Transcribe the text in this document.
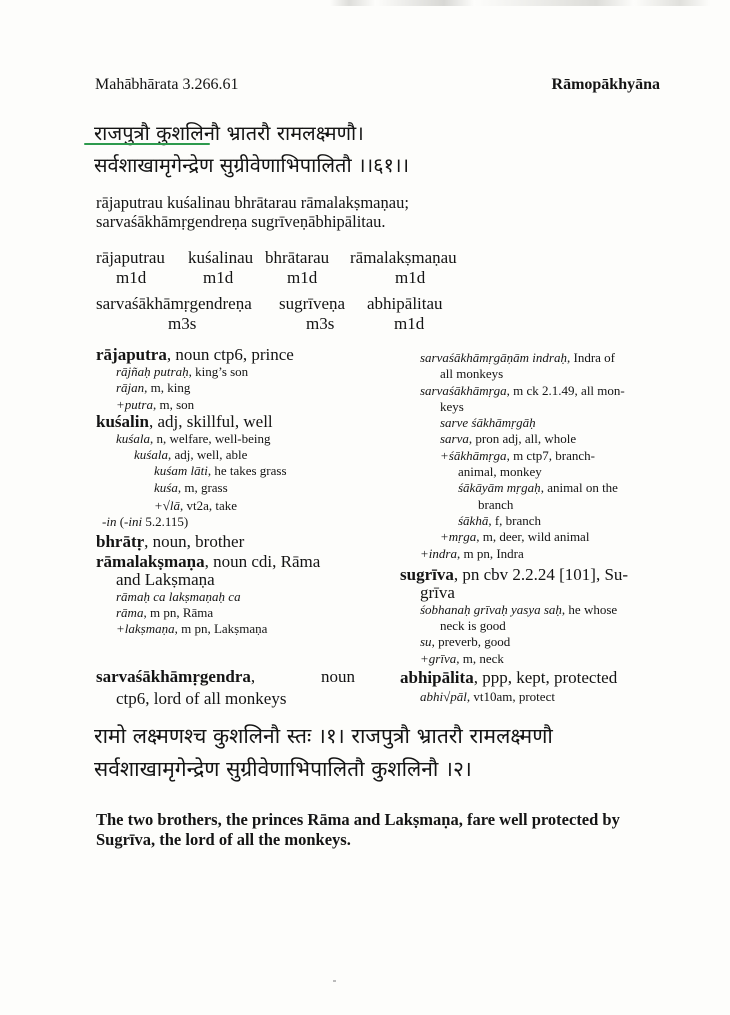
Mahābhārata 3.266.61	Rāmopākhyāna
राजपुत्रौ कुशलिनौ भ्रातरौ रामलक्ष्मणौ।
सर्वशाखामृगेन्द्रेण सुग्रीवेणाभिपालितौ ।।६१।।
rājaputrau kuśalinau bhrātarau rāmalakṣmaṇau;
sarvaśākhāmṛgendreṇa sugrīveṇābhipālitau.
rājaputrau kuśalinau bhrātarau rāmalakṣmaṇau
m1d	m1d	m1d	m1d
sarvaśākhāmṛgendreṇa sugrīveṇa abhipālitau
m3s	m3s	m1d
rājaputra, noun ctp6, prince
rājñaḥ putraḥ, king’s son
rājan, m, king
+putra, m, son
kuśalin, adj, skillful, well
kuśala, n, welfare, well-being
kuśala, adj, well, able
kuśam lāti, he takes grass
kuśa, m, grass
+√lā, vt2a, take
-in (-ini 5.2.115)
bhrātṛ, noun, brother
rāmalakṣmaṇa, noun cdi, Rāma
and Lakṣmaṇa
rāmaḥ ca lakṣmaṇaḥ ca
rāma, m pn, Rāma
+lakṣmaṇa, m pn, Lakṣmaṇa
sarvaśākhāmṛgendra,	noun
ctp6, lord of all monkeys
sarvaśākhāmṛgāṇām indraḥ, Indra of
all monkeys
sarvaśākhāmṛga, m ck 2.1.49, all mon-
keys
sarve śākhāmṛgāḥ
sarva, pron adj, all, whole
+śākhāmṛga, m ctp7, branch-
animal, monkey
śākāyām mṛgaḥ, animal on the
branch
śākhā, f, branch
+mṛga, m, deer, wild animal
+indra, m pn, Indra
sugrīva, pn cbv 2.2.24 [101], Su-
grīva
śobhanaḥ grīvaḥ yasya saḥ, he whose
neck is good
su, preverb, good
+grīva, m, neck
abhipālita, ppp, kept, protected
abhi√pāl, vt10am, protect
रामो लक्ष्मणश्च कुशलिनौ स्तः ।१। राजपुत्रौ भ्रातरौ रामलक्ष्मणौ
सर्वशाखामृगेन्द्रेण सुग्रीवेणाभिपालितौ कुशलिनौ ।२।
The two brothers, the princes Rāma and Lakṣmaṇa, fare well protected by Sugrīva, the lord of all the monkeys.
